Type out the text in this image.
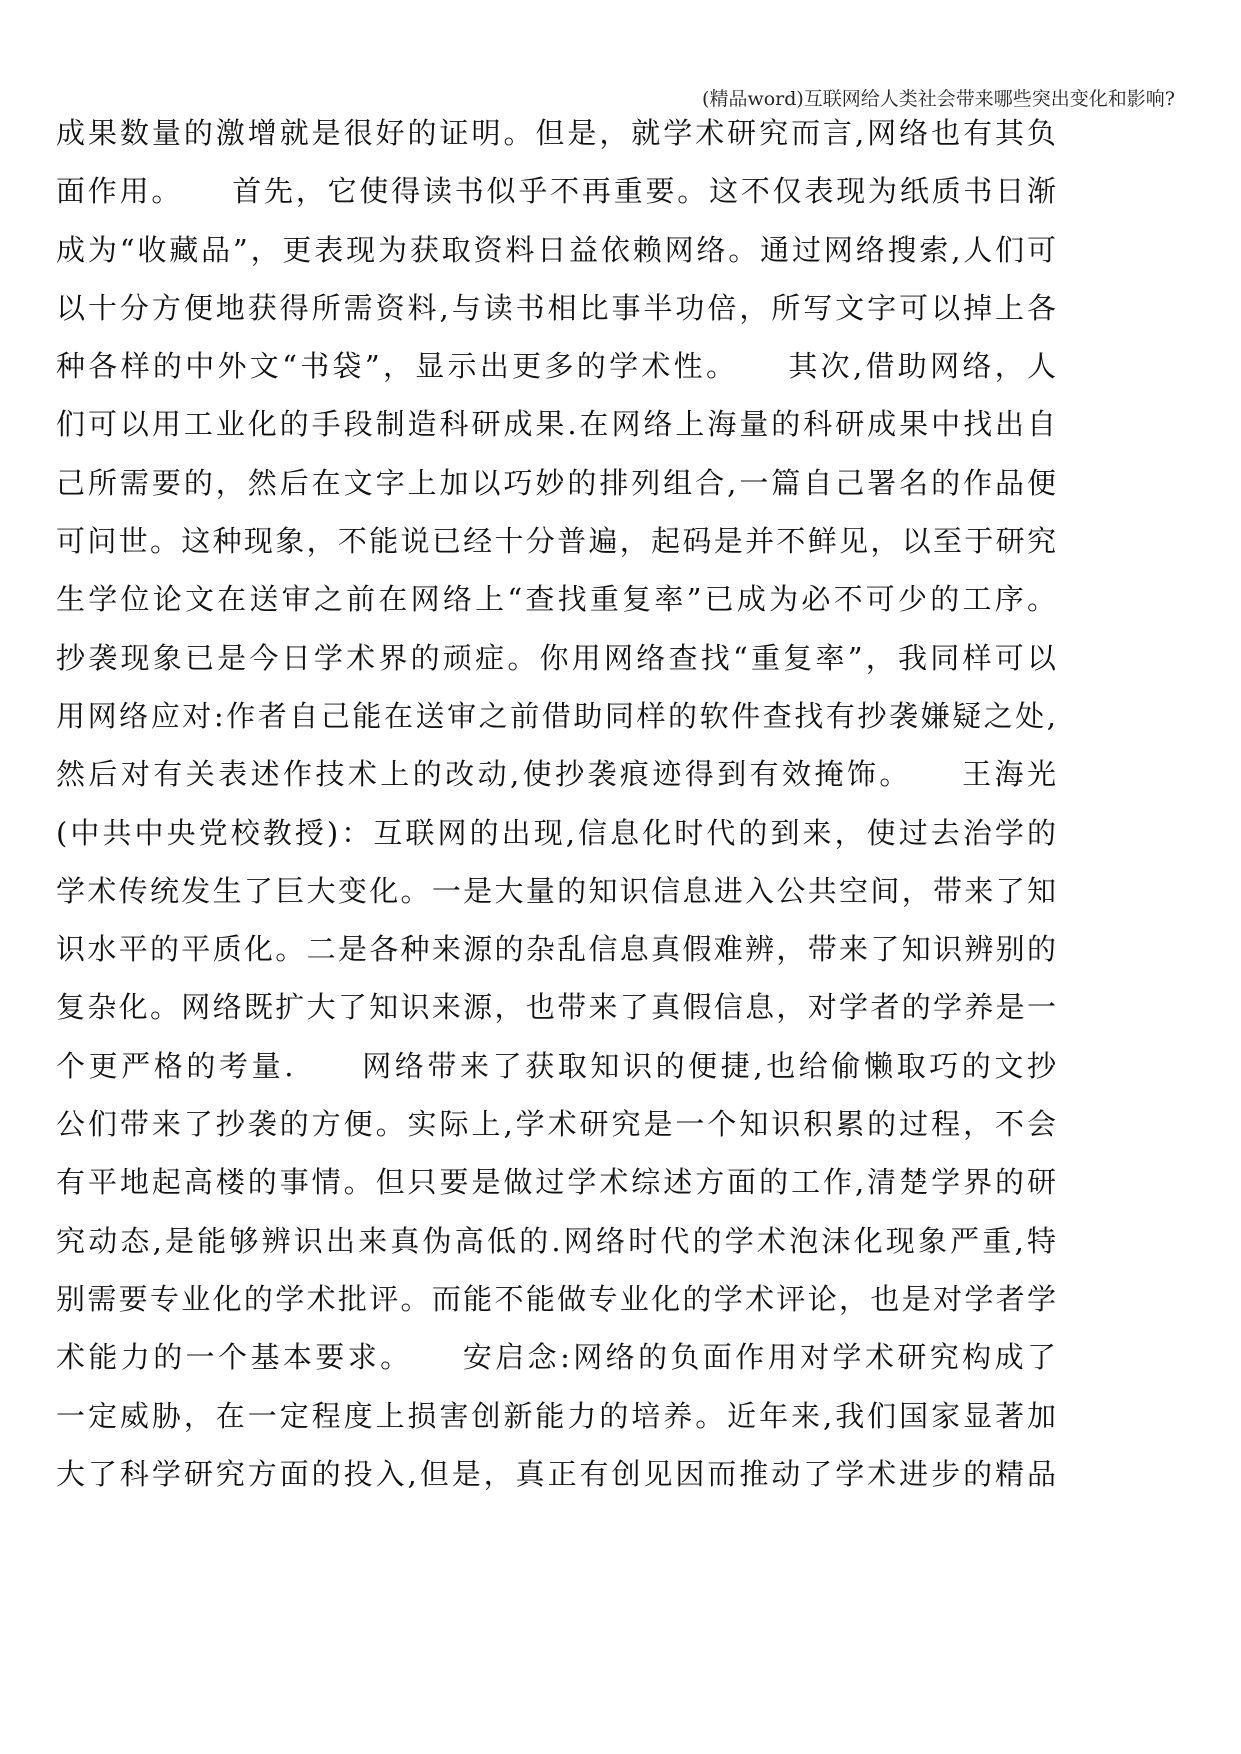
(精品word)互联网给人类社会带来哪些突出变化和影响?
成果数量的激增就是很好的证明。但是，就学术研究而言,网络也有其负
面作用。　　首先，它使得读书似乎不再重要。这不仅表现为纸质书日渐
成为“收藏品”，更表现为获取资料日益依赖网络。通过网络搜索,人们可
以十分方便地获得所需资料,与读书相比事半功倍，所写文字可以掉上各
种各样的中外文“书袋”，显示出更多的学术性。　　其次,借助网络，人
们可以用工业化的手段制造科研成果.在网络上海量的科研成果中找出自
己所需要的，然后在文字上加以巧妙的排列组合,一篇自己署名的作品便
可问世。这种现象，不能说已经十分普遍，起码是并不鲜见，以至于研究
生学位论文在送审之前在网络上“查找重复率”已成为必不可少的工序。
抄袭现象已是今日学术界的顽症。你用网络查找“重复率”，我同样可以
用网络应对:作者自己能在送审之前借助同样的软件查找有抄袭嫌疑之处,
然后对有关表述作技术上的改动,使抄袭痕迹得到有效掩饰。　　王海光
(中共中央党校教授)：互联网的出现,信息化时代的到来，使过去治学的
学术传统发生了巨大变化。一是大量的知识信息进入公共空间，带来了知
识水平的平质化。二是各种来源的杂乱信息真假难辨，带来了知识辨别的
复杂化。网络既扩大了知识来源，也带来了真假信息，对学者的学养是一
个更严格的考量.　　网络带来了获取知识的便捷,也给偷懒取巧的文抄
公们带来了抄袭的方便。实际上,学术研究是一个知识积累的过程，不会
有平地起高楼的事情。但只要是做过学术综述方面的工作,清楚学界的研
究动态,是能够辨识出来真伪高低的.网络时代的学术泡沫化现象严重,特
别需要专业化的学术批评。而能不能做专业化的学术评论，也是对学者学
术能力的一个基本要求。　　安启念:网络的负面作用对学术研究构成了
一定威胁，在一定程度上损害创新能力的培养。近年来,我们国家显著加
大了科学研究方面的投入,但是，真正有创见因而推动了学术进步的精品
